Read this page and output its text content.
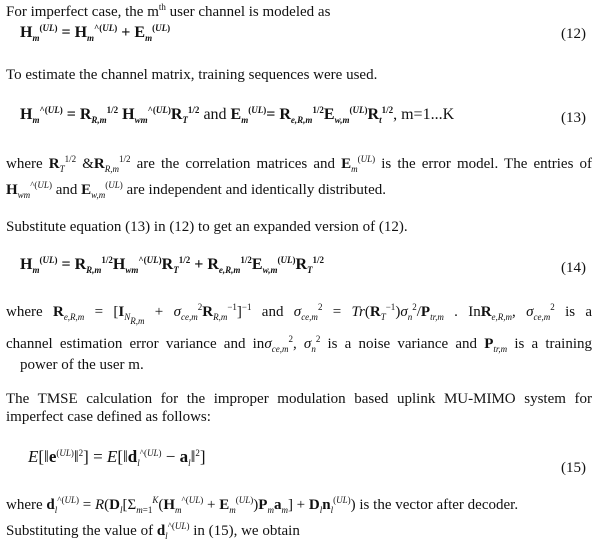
For imperfect case, the $m^{th}$ user channel is modeled as
$H_m^{(UL)} = H_m^{\^{}(UL)} + E_m^{(UL)}$	(12)
To estimate the channel matrix, training sequences were used.
$H_m^{\^{}(UL)} = R_{R,m}^{1/2}$ $H_{wm}^{\^{}(UL)}R_T^{1/2}$ and $E_m^{(UL)}= R_{e,R,m}^{1/2}E_{w,m}^{(UL)}R_t^{1/2}$, m=1...K	(13)
where $R_T^{1/2}$ $\&R_{R,m}^{1/2}$ are the correlation matrices and $E_m^{(UL)}$ is the error model. The entries of
$H_{wm}^{\^{}(UL)}$ and $E_{w,m}^{(UL)}$ are independent and identically distributed.
Substitute equation (13) in (12) to get an expanded version of (12).
$H_m^{(UL)} = R_{R,m}^{1/2}H_{wm}^{\^{}(UL)}R_T^{1/2} + R_{e,R,m}^{1/2}E_{w,m}^{(UL)}R_T^{1/2}$	(14)
where $R_{e,R,m} = [I_{N_{R,m}} + \sigma_{ce,m}^2R_{R,m}^{-1}]^{-1}$ and $\sigma_{ce,m}^2 = Tr(R_T^{-1})\sigma_n^2/P_{tr,m}$ . InR$_{e,R,m}$, $\sigma_{ce,m}^2$ is a
channel estimation error variance and inσ$_{ce,m}^2$, $\sigma_n^2$ is a noise variance and $P_{tr,m}$ is a training
power of the user m.
The TMSE calculation for the improper modulation based uplink MU-MIMO system for
imperfect case defined as follows:
$E[‖e^{(UL)}‖^2]$ = $E[‖d_l^{\^{}(UL)}$ − $a_l‖^2$]
(15)
where $d_l^{\^{}(UL)} = R(D_l[\Sigma_{m=1}^K(H_m^{\^{}(UL)} + E_m^{(UL)})P_ma_m] + D_ln_l^{(UL)})$ is the vector after decoder.
Substituting the value of $d_l^{\^{}(UL)}$ in (15), we obtain
